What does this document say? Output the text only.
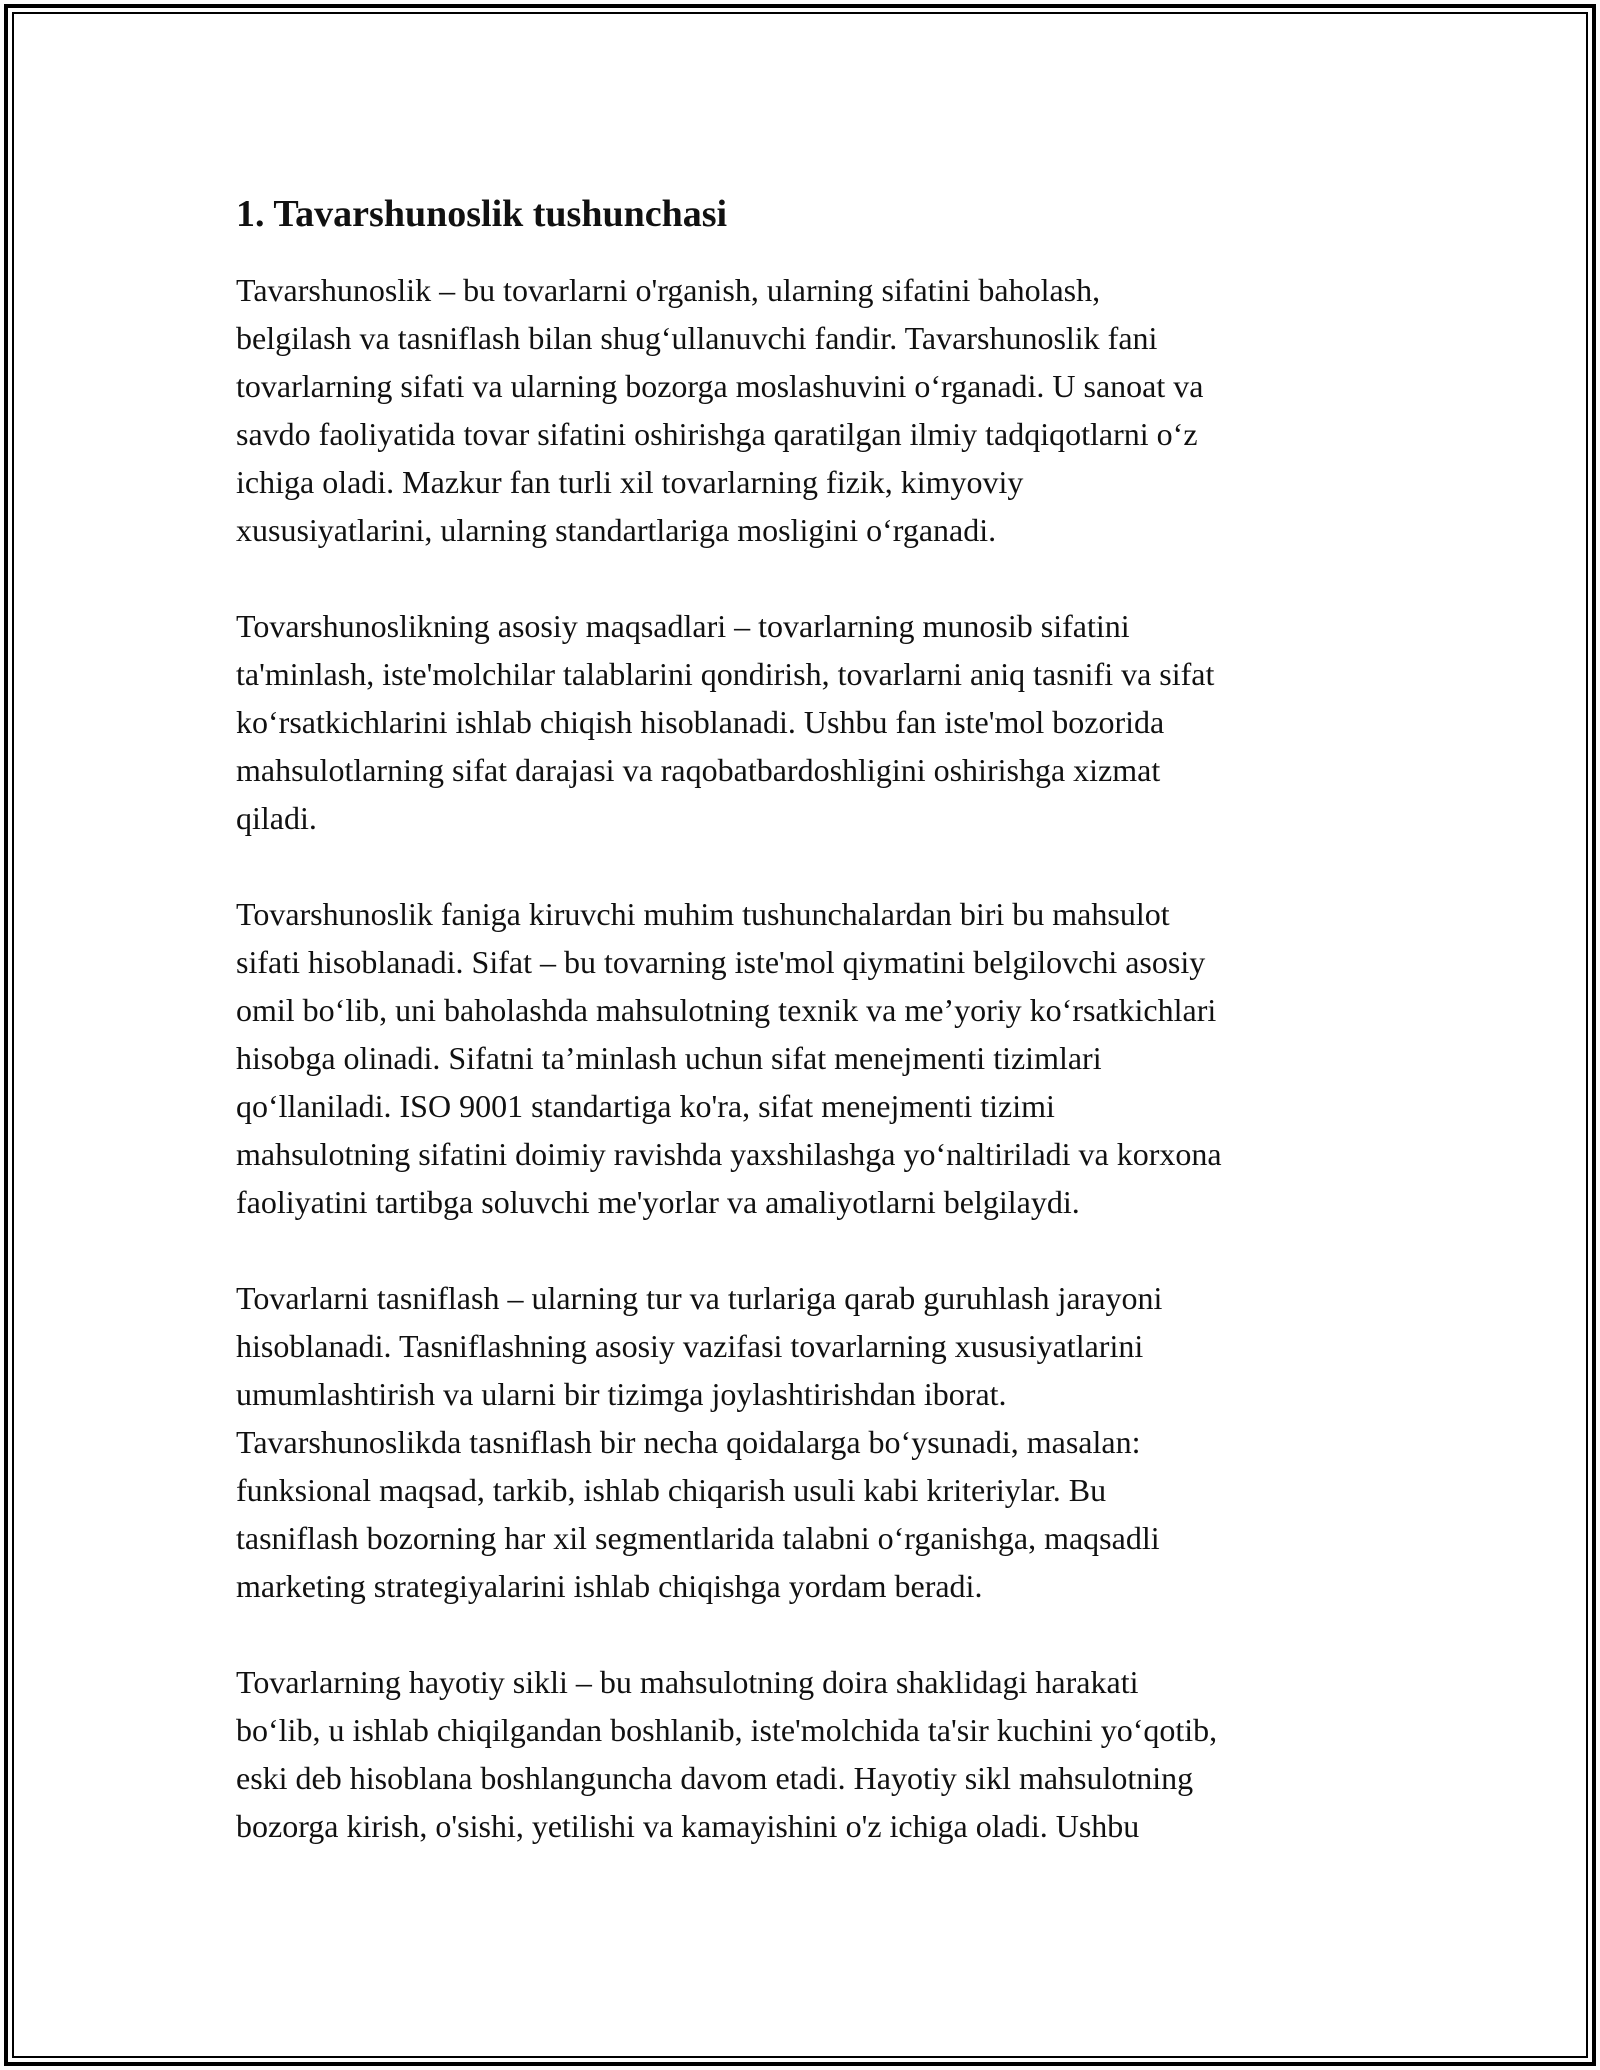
1. Tavarshunoslik tushunchasi

Tavarshunoslik – bu tovarlarni o'rganish, ularning sifatini baholash,
belgilash va tasniflash bilan shug‘ullanuvchi fandir. Tavarshunoslik fani
tovarlarning sifati va ularning bozorga moslashuvini o‘rganadi. U sanoat va
savdo faoliyatida tovar sifatini oshirishga qaratilgan ilmiy tadqiqotlarni o‘z
ichiga oladi. Mazkur fan turli xil tovarlarning fizik, kimyoviy
xususiyatlarini, ularning standartlariga mosligini o‘rganadi.

Tovarshunoslikning asosiy maqsadlari – tovarlarning munosib sifatini
ta'minlash, iste'molchilar talablarini qondirish, tovarlarni aniq tasnifi va sifat
ko‘rsatkichlarini ishlab chiqish hisoblanadi. Ushbu fan iste'mol bozorida
mahsulotlarning sifat darajasi va raqobatbardoshligini oshirishga xizmat
qiladi.

Tovarshunoslik faniga kiruvchi muhim tushunchalardan biri bu mahsulot
sifati hisoblanadi. Sifat – bu tovarning iste'mol qiymatini belgilovchi asosiy
omil bo‘lib, uni baholashda mahsulotning texnik va me’yoriy ko‘rsatkichlari
hisobga olinadi. Sifatni ta’minlash uchun sifat menejmenti tizimlari
qo‘llaniladi. ISO 9001 standartiga ko'ra, sifat menejmenti tizimi
mahsulotning sifatini doimiy ravishda yaxshilashga yo‘naltiriladi va korxona
faoliyatini tartibga soluvchi me'yorlar va amaliyotlarni belgilaydi.

Tovarlarni tasniflash – ularning tur va turlariga qarab guruhlash jarayoni
hisoblanadi. Tasniflashning asosiy vazifasi tovarlarning xususiyatlarini
umumlashtirish va ularni bir tizimga joylashtirishdan iborat.
Tavarshunoslikda tasniflash bir necha qoidalarga bo‘ysunadi, masalan:
funksional maqsad, tarkib, ishlab chiqarish usuli kabi kriteriylar. Bu
tasniflash bozorning har xil segmentlarida talabni o‘rganishga, maqsadli
marketing strategiyalarini ishlab chiqishga yordam beradi.

Tovarlarning hayotiy sikli – bu mahsulotning doira shaklidagi harakati
bo‘lib, u ishlab chiqilgandan boshlanib, iste'molchida ta'sir kuchini yo‘qotib,
eski deb hisoblana boshlanguncha davom etadi. Hayotiy sikl mahsulotning
bozorga kirish, o'sishi, yetilishi va kamayishini o'z ichiga oladi. Ushbu
